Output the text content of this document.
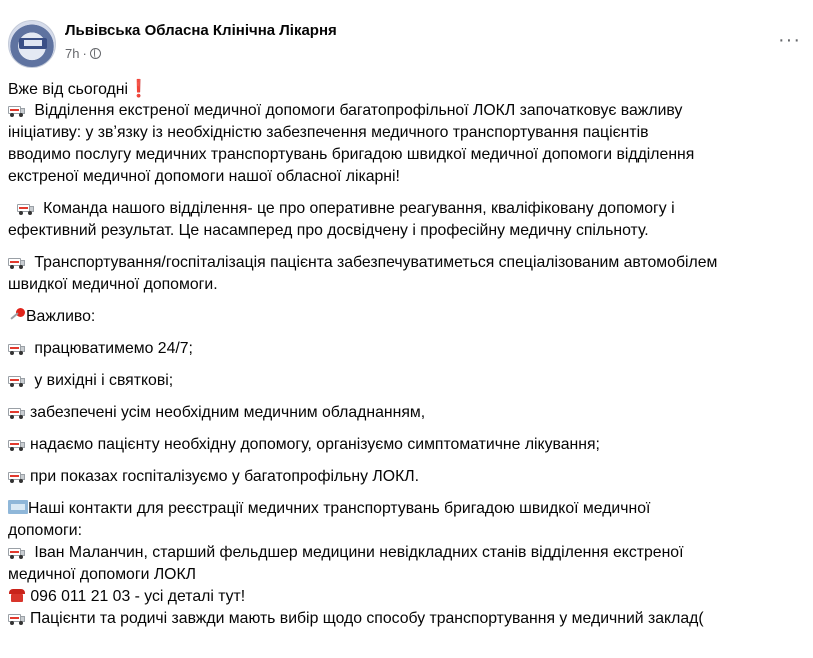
Львівська Обласна Клінічна Лікарня
7h ·
···
Вже від сьогодні❗
Відділення екстреної медичної допомоги багатопрофільної ЛОКЛ започатковує важливу
ініціативу: у звʼязку із необхідністю забезпечення медичного транспортування пацієнтів
вводимо послугу медичних транспортувань бригадою швидкої медичної допомоги відділення
екстреної медичної допомоги нашої обласної лікарні!

Команда нашого відділення- це про оперативне реагування, кваліфіковану допомогу і
ефективний результат. Це насамперед про досвідчену і професійну медичну спільноту.
Транспортування/госпіталізація пацієнта забезпечуватиметься спеціалізованим автомобілем
швидкої медичної допомоги.
Важливо:
працюватимемо 24/7;
у вихідні і святкові;
забезпечені усім необхідним медичним обладнанням,
надаємо пацієнту необхідну допомогу, організуємо симптоматичне лікування;
при показах госпіталізуємо у багатопрофільну ЛОКЛ.
Наші контакти для реєстрації медичних транспортувань бригадою швидкої медичної
допомоги:
Іван Маланчин, старший фельдшер медицини невідкладних станів відділення екстреної
медичної допомоги ЛОКЛ
096 011 21 03 - усі деталі тут!
Пацієнти та родичі завжди мають вибір щодо способу транспортування у медичний заклад(
